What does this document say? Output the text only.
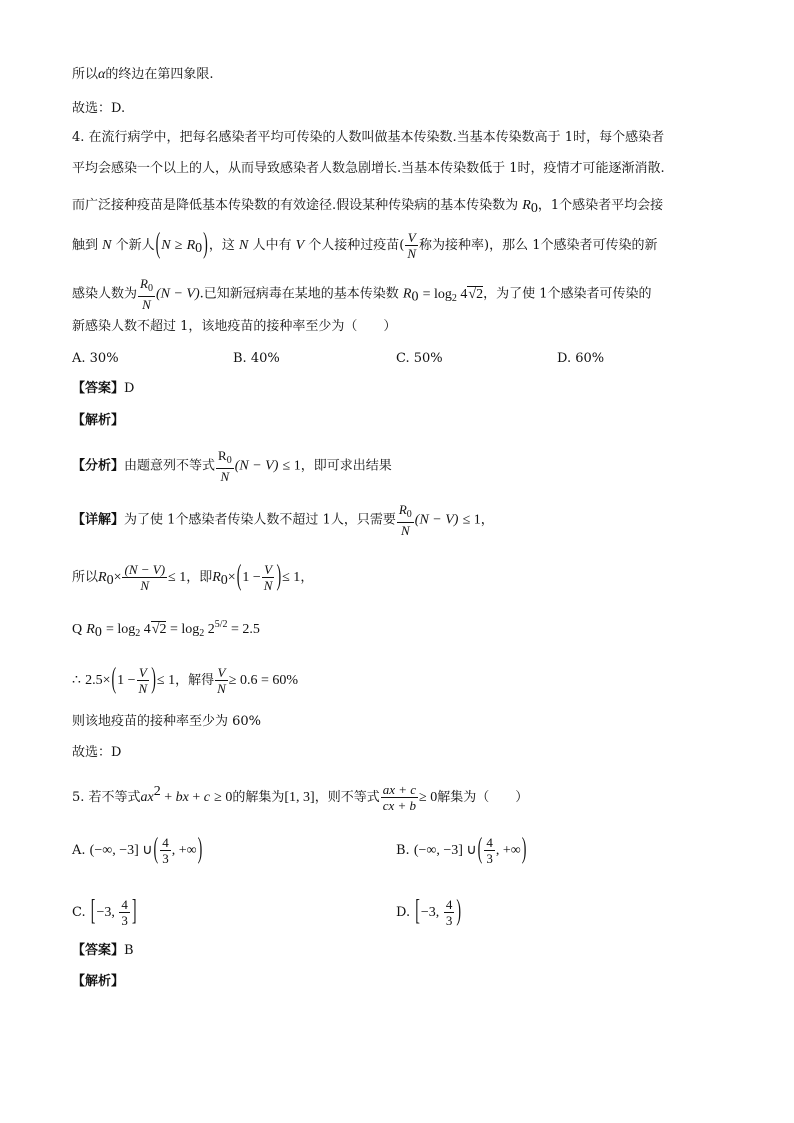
所以α的终边在第四象限.
故选：D.
4. 在流行病学中，把每名感染者平均可传染的人数叫做基本传染数.当基本传染数高于 1时，每个感染者
平均会感染一个以上的人，从而导致感染者人数急剧增长.当基本传染数低于 1时，疫情才可能逐渐消散.
而广泛接种疫苗是降低基本传染数的有效途径.假设某种传染病的基本传染数为 $R_0$，1个感染者平均会接
触到 N 个新人$(N \ge R_0)$，这 N 人中有 V 个人接种过疫苗( $\frac{V}{N}$ 称为接种率)，那么 1个感染者可传染的新
感染人数为 $\frac{R_0}{N} (N - V)$.已知新冠病毒在某地的基本传染数 $R_0 = \log_2 4√2$，为了使 1个感染者可传染的
新感染人数不超过 1，该地疫苗的接种率至少为（　　）
A. 30%	B. 40%	C. 50%	D. 60%
【答案】D
【解析】
【分析】由题意列不等式 $\frac{R_0}{N} (N - V) \le 1$，即可求出结果
【详解】为了使 1个感染者传染人数不超过 1人，只需要 $\frac{R_0}{N} (N - V) \le 1$，
所以$R_0\times \frac{(N - V)}{N} \le 1$，即$R_0\times(1 - \frac{V}{N}$ )≤ 1，
Q $R_0 = \log_2 4√2 = \log_2 2^{5/2} = 2.5$
∴ $2.5\times(1 - \frac{V}{N}$ )≤ 1，解得 $\frac{V}{N} \ge 0.6 = 60\%$
则该地疫苗的接种率至少为 60%
故选：D
5. 若不等式$ax^2$ + bx + c ≥ 0的解集为[1, 3]，则不等式 $\frac{ax + c}{cx + b} \ge 0$解集为（　　）
A. (−∞, −3] ∪( $\frac{4}{3}$ , +∞)	B. (−∞, −3] ∪( $\frac{4}{3}$ , +∞)
C. [−3, $\frac{4}{3}$ ]	D. [−3, $\frac{4}{3}$ )
【答案】B
【解析】
